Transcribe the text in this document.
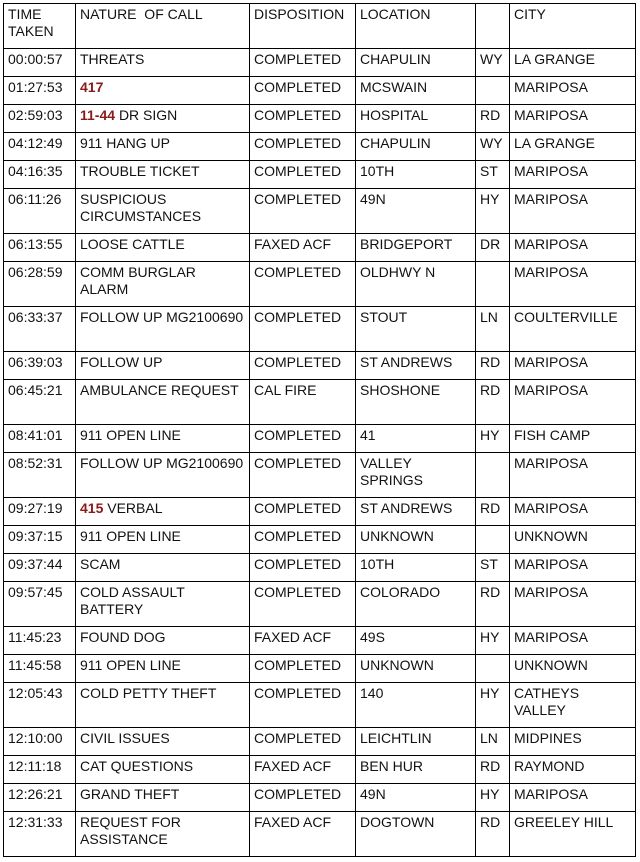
TIME TAKEN	NATURE  OF CALL	DISPOSITION	LOCATION		CITY
00:00:57	THREATS	COMPLETED	CHAPULIN	WY	LA GRANGE
01:27:53	417	COMPLETED	MCSWAIN		MARIPOSA
02:59:03	11-44 DR SIGN	COMPLETED	HOSPITAL	RD	MARIPOSA
04:12:49	911 HANG UP	COMPLETED	CHAPULIN	WY	LA GRANGE
04:16:35	TROUBLE TICKET	COMPLETED	10TH	ST	MARIPOSA
06:11:26	SUSPICIOUS CIRCUMSTANCES	COMPLETED	49N	HY	MARIPOSA
06:13:55	LOOSE CATTLE	FAXED ACF	BRIDGEPORT	DR	MARIPOSA
06:28:59	COMM BURGLAR ALARM	COMPLETED	OLDHWY N		MARIPOSA
06:33:37	FOLLOW UP MG2100690	COMPLETED	STOUT	LN	COULTERVILLE
06:39:03	FOLLOW UP	COMPLETED	ST ANDREWS	RD	MARIPOSA
06:45:21	AMBULANCE REQUEST	CAL FIRE	SHOSHONE	RD	MARIPOSA
08:41:01	911 OPEN LINE	COMPLETED	41	HY	FISH CAMP
08:52:31	FOLLOW UP MG2100690	COMPLETED	VALLEY SPRINGS		MARIPOSA
09:27:19	415 VERBAL	COMPLETED	ST ANDREWS	RD	MARIPOSA
09:37:15	911 OPEN LINE	COMPLETED	UNKNOWN		UNKNOWN
09:37:44	SCAM	COMPLETED	10TH	ST	MARIPOSA
09:57:45	COLD ASSAULT BATTERY	COMPLETED	COLORADO	RD	MARIPOSA
11:45:23	FOUND DOG	FAXED ACF	49S	HY	MARIPOSA
11:45:58	911 OPEN LINE	COMPLETED	UNKNOWN		UNKNOWN
12:05:43	COLD PETTY THEFT	COMPLETED	140	HY	CATHEYS VALLEY
12:10:00	CIVIL ISSUES	COMPLETED	LEICHTLIN	LN	MIDPINES
12:11:18	CAT QUESTIONS	FAXED ACF	BEN HUR	RD	RAYMOND
12:26:21	GRAND THEFT	COMPLETED	49N	HY	MARIPOSA
12:31:33	REQUEST FOR ASSISTANCE	FAXED ACF	DOGTOWN	RD	GREELEY HILL
